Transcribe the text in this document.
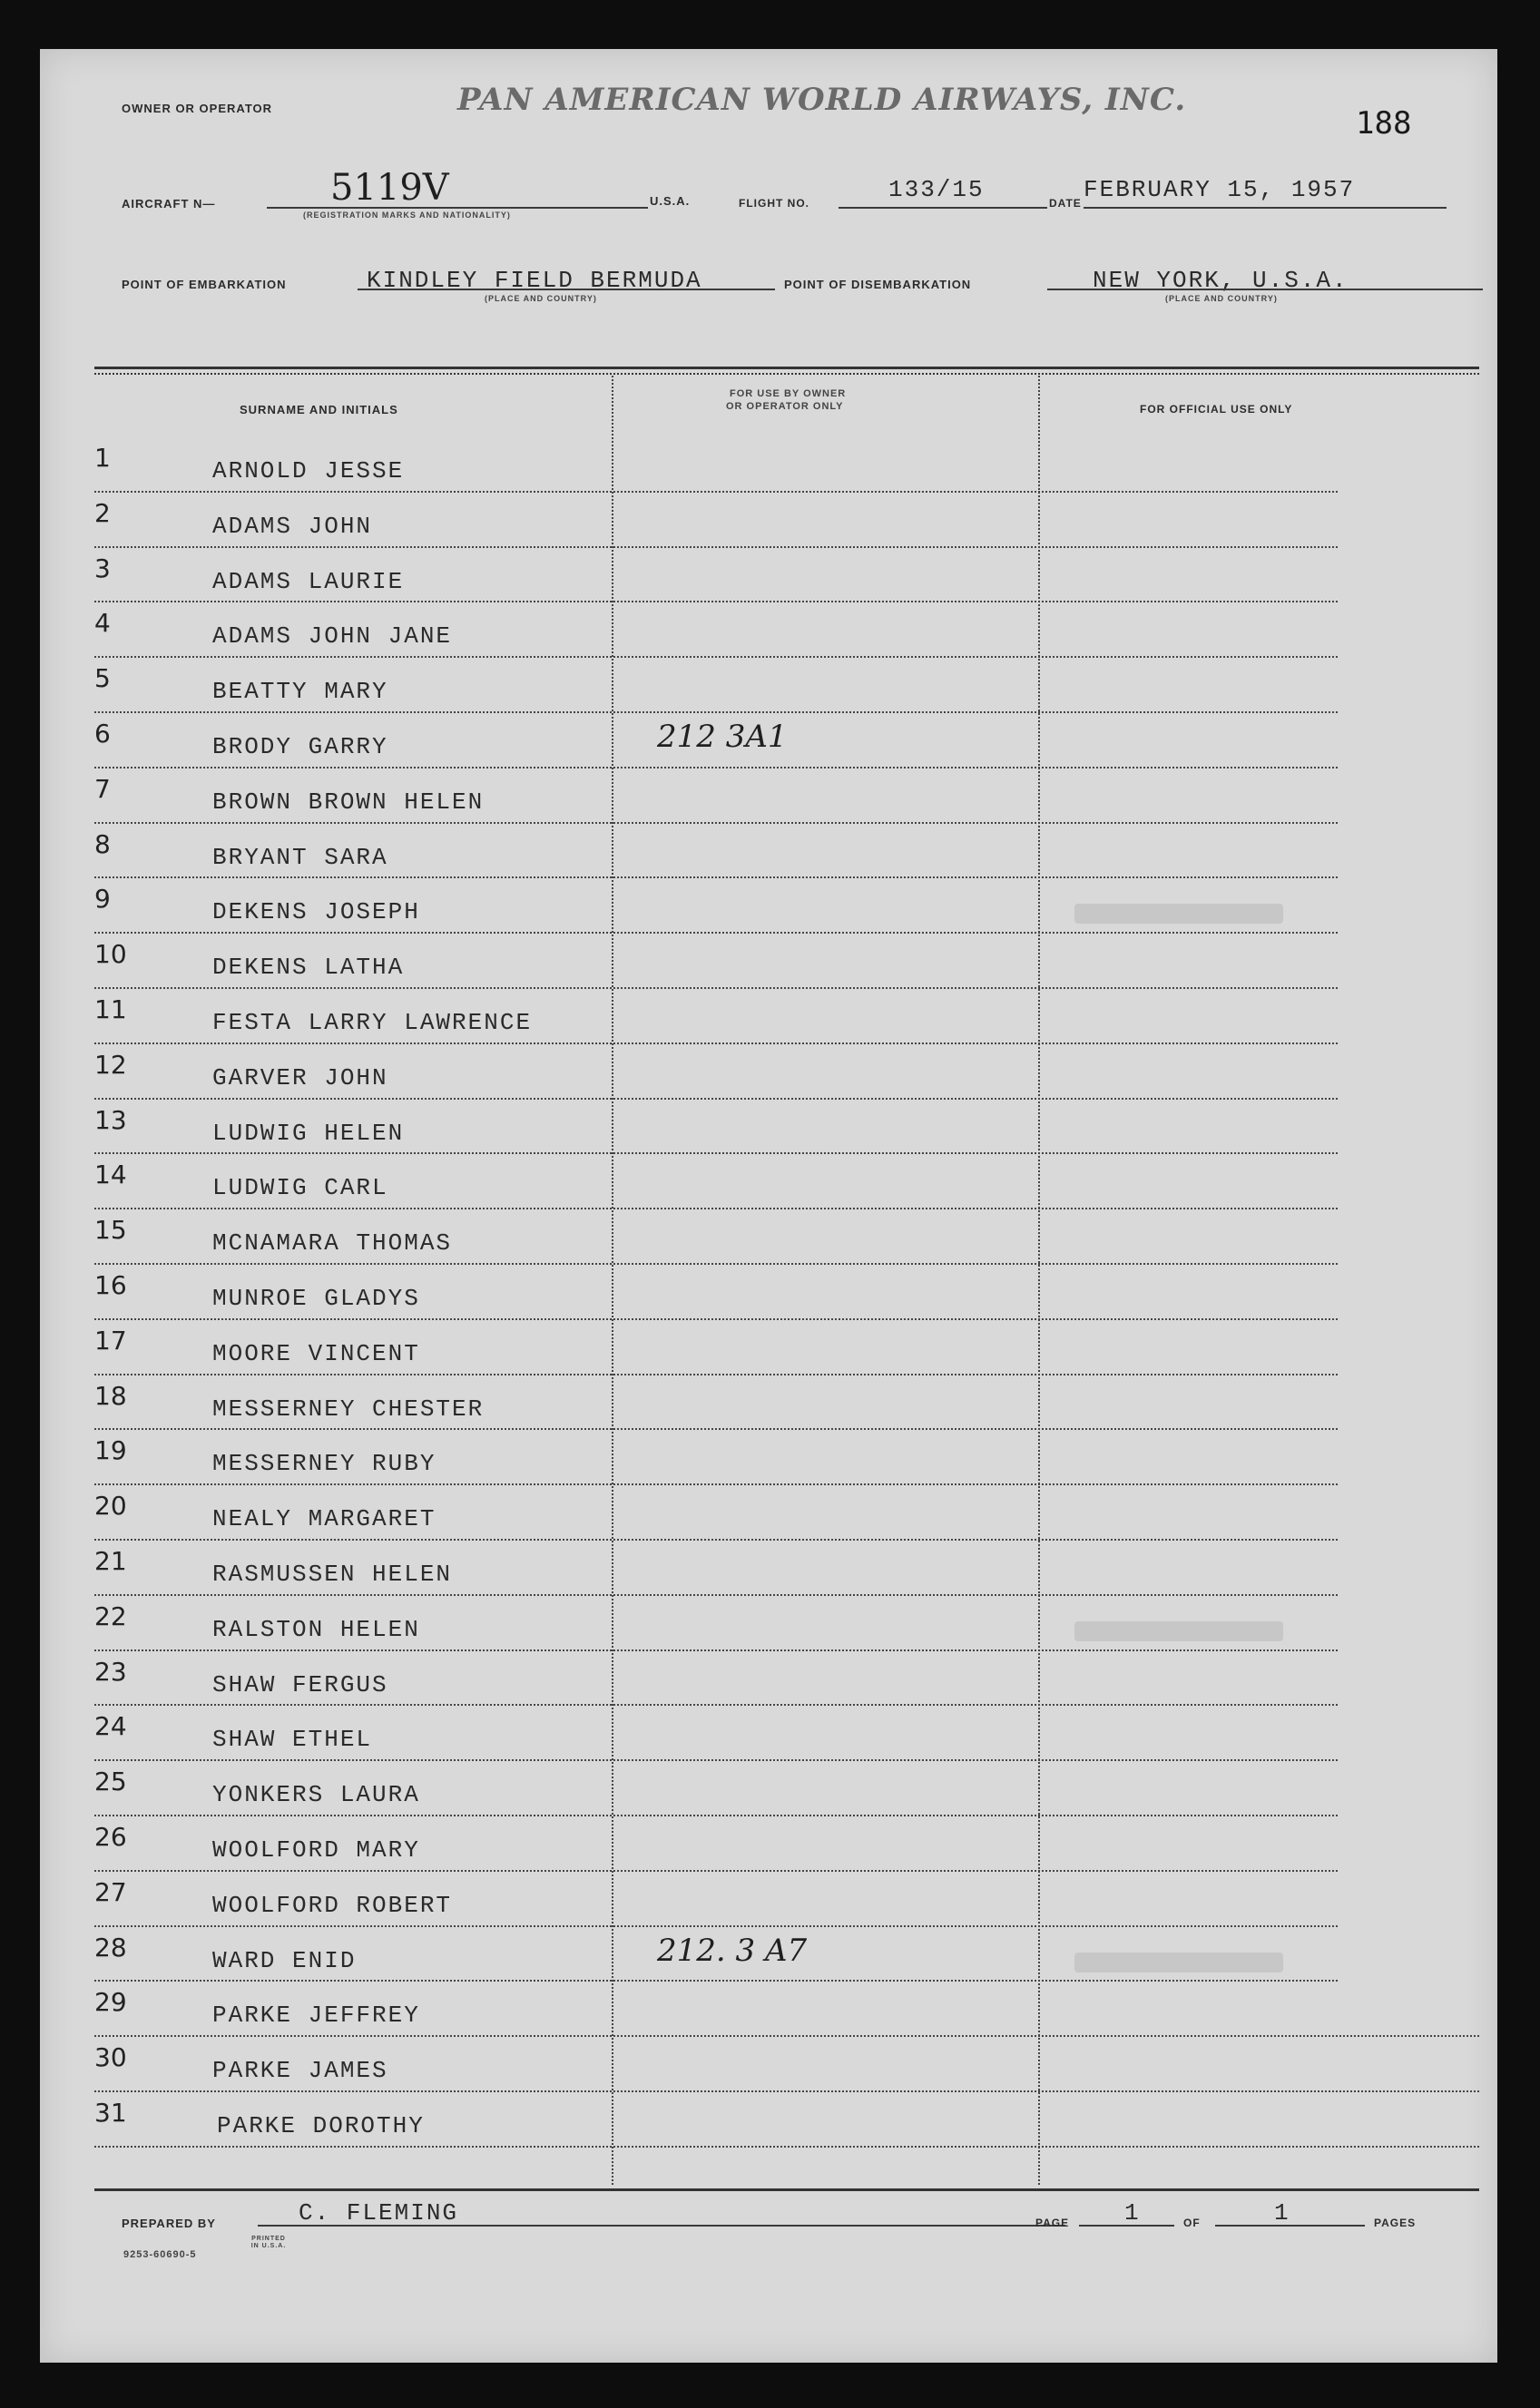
OWNER OR OPERATOR	PAN AMERICAN WORLD AIRWAYS, INC.
188
AIRCRAFT N—	5119V
(REGISTRATION MARKS AND NATIONALITY)
U.S.A.	FLIGHT NO.	133/15	DATE FEBRUARY 15, 1957
POINT OF EMBARKATION	KINDLEY FIELD BERMUDA
(PLACE AND COUNTRY)
POINT OF DISEMBARKATION	NEW YORK, U.S.A.
(PLACE AND COUNTRY)
SURNAME AND INITIALS
FOR USE BY OWNER
OR OPERATOR ONLY	FOR OFFICIAL USE ONLY
1	ARNOLD JESSE
2	ADAMS JOHN
3	ADAMS LAURIE
4	ADAMS JOHN JANE
5	BEATTY MARY
6	BRODY GARRY	212 3A1
7	BROWN BROWN HELEN
8	BRYANT SARA
9	DEKENS JOSEPH
10	DEKENS LATHA
11	FESTA LARRY LAWRENCE
12	GARVER JOHN
13	LUDWIG HELEN
14	LUDWIG CARL
15	MCNAMARA THOMAS
16	MUNROE GLADYS
17	MOORE VINCENT
18	MESSERNEY CHESTER
19	MESSERNEY RUBY
20	NEALY MARGARET
21	RASMUSSEN HELEN
22	RALSTON HELEN
23	SHAW FERGUS
24	SHAW ETHEL
25	YONKERS LAURA
26	WOOLFORD MARY
27	WOOLFORD ROBERT
28	WARD ENID	212. 3 A7
29	PARKE JEFFREY
30	PARKE JAMES
31	PARKE DOROTHY
PREPARED BY	C. FLEMING	PAGE 1	OF	1	PAGES
9253-60690-5
PRINTED IN U.S.A.
